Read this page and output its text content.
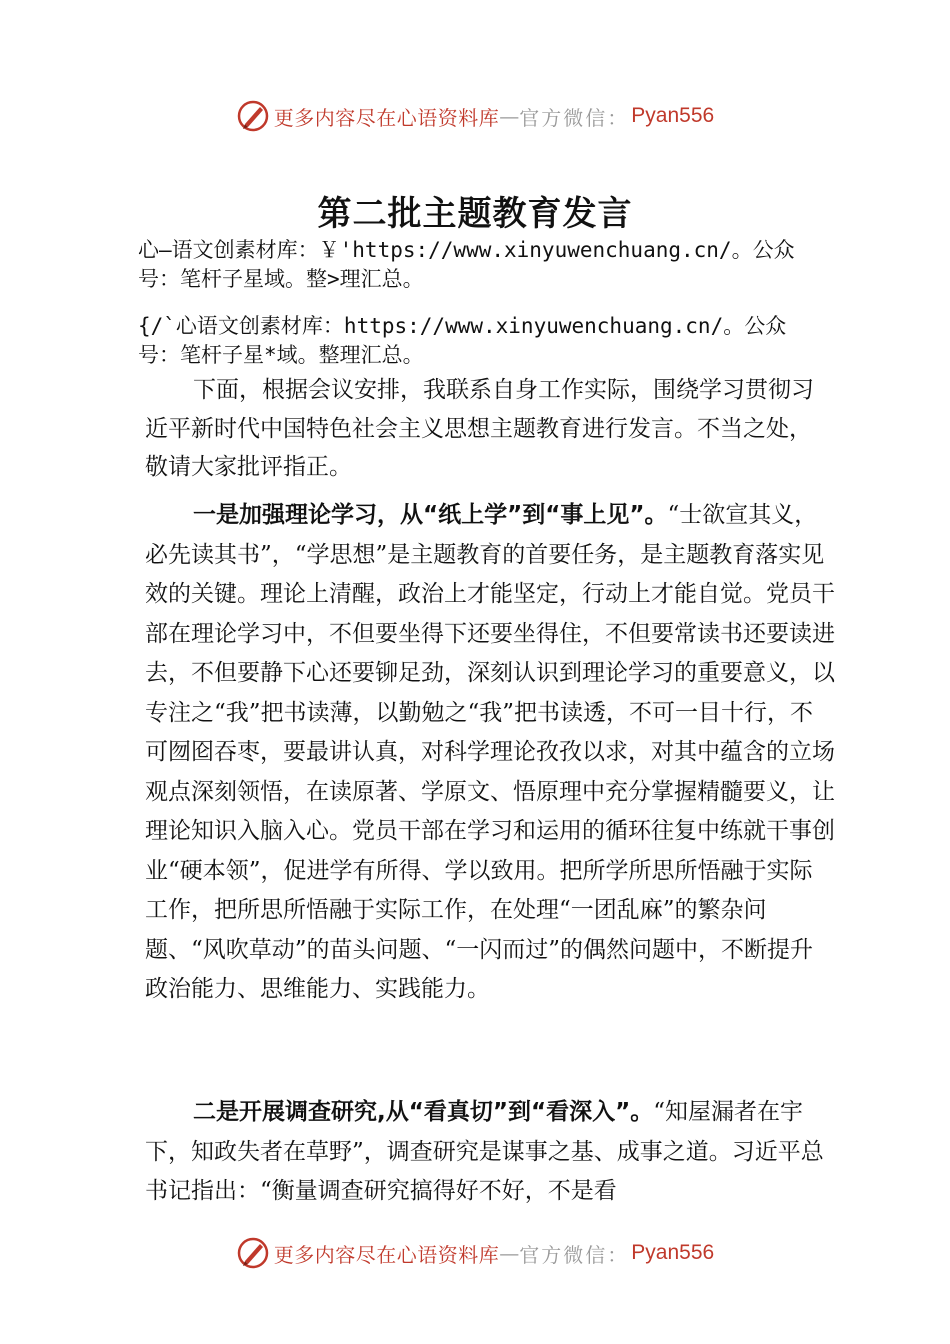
更多内容尽在心语资料库 — 官方微信： Pyan556
第二批主题教育发言
心—语文创素材库：￥'https://www.xinyuwenchuang.cn/。公众号：笔杆子星域。整>理汇总。
{/`心语文创素材库：https://www.xinyuwenchuang.cn/。公众号：笔杆子星*域。整理汇总。
下面，根据会议安排，我联系自身工作实际，围绕学习贯彻习近平新时代中国特色社会主义思想主题教育进行发言。不当之处，敬请大家批评指正。
一是加强理论学习，从“纸上学”到“事上见”。“士欲宣其义，必先读其书”，“学思想”是主题教育的首要任务，是主题教育落实见效的关键。理论上清醒，政治上才能坚定，行动上才能自觉。党员干部在理论学习中，不但要坐得下还要坐得住，不但要常读书还要读进去，不但要静下心还要铆足劲，深刻认识到理论学习的重要意义，以专注之“我”把书读薄，以勤勉之“我”把书读透，不可一目十行，不可囫囵吞枣，要最讲认真，对科学理论孜孜以求，对其中蕴含的立场观点深刻领悟，在读原著、学原文、悟原理中充分掌握精髓要义，让理论知识入脑入心。党员干部在学习和运用的循环往复中练就干事创业“硬本领”，促进学有所得、学以致用。把所学所思所悟融于实际工作，把所思所悟融于实际工作，在处理“一团乱麻”的繁杂问题、“风吹草动”的苗头问题、“一闪而过”的偶然问题中，不断提升政治能力、思维能力、实践能力。
二是开展调查研究,从“看真切”到“看深入”。“知屋漏者在宇下，知政失者在草野”，调查研究是谋事之基、成事之道。习近平总书记指出：“衡量调查研究搞得好不好，不是看
更多内容尽在心语资料库 — 官方微信： Pyan556
